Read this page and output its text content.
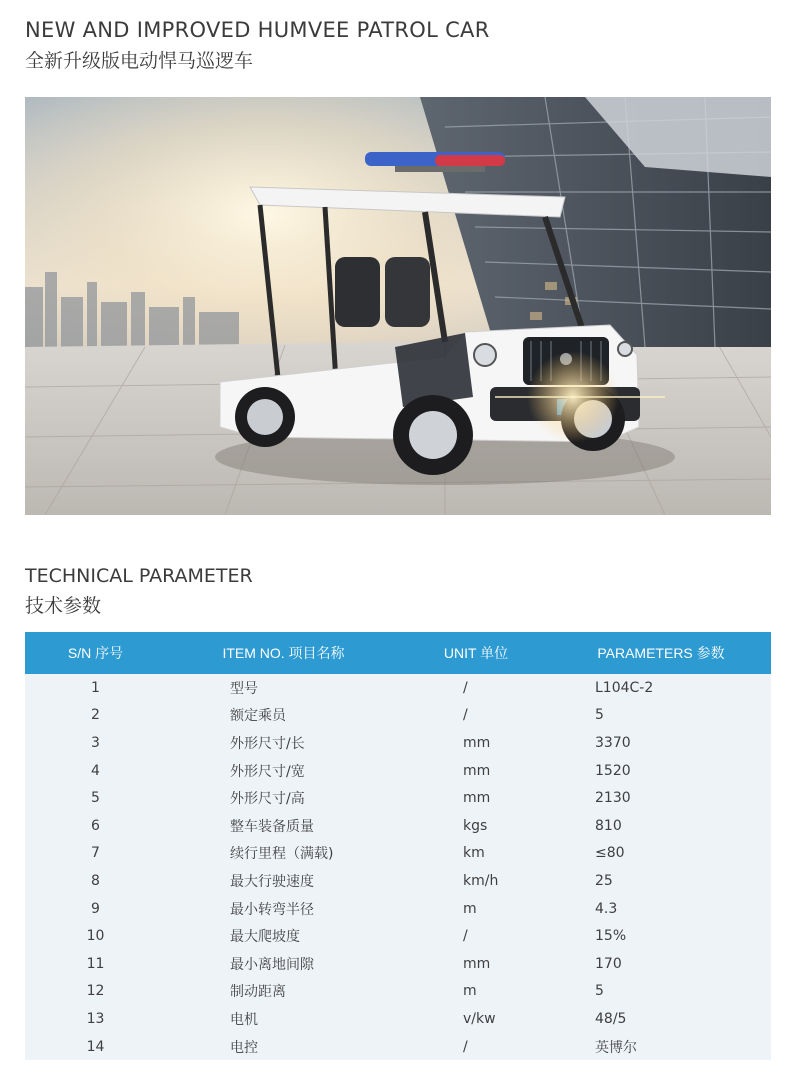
NEW AND IMPROVED HUMVEE PATROL CAR
全新升级版电动悍马巡逻车
TECHNICAL PARAMETER
技术参数
S/N 序号	ITEM NO. 项目名称	UNIT 单位	PARAMETERS 参数
1	型号	/	L104C-2
2	额定乘员	/	5
3	外形尺寸/长	mm	3370
4	外形尺寸/宽	mm	1520
5	外形尺寸/高	mm	2130
6	整车装备质量	kgs	810
7	续行里程（满载)	km	≤80
8	最大行驶速度	km/h	25
9	最小转弯半径	m	4.3
10	最大爬坡度	/	15%
11	最小离地间隙	mm	170
12	制动距离	m	5
13	电机	v/kw	48/5
14	电控	/	英博尔
